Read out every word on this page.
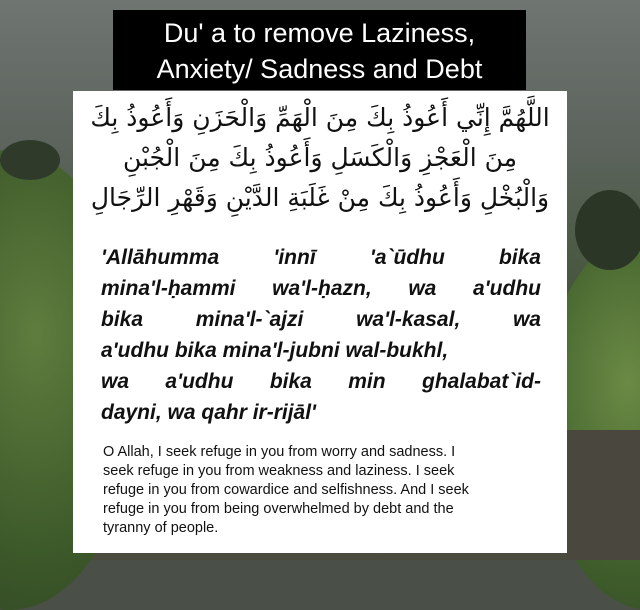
Du' a to remove Laziness,
Anxiety/ Sadness and Debt
اللَّهُمَّ إِنِّي أَعُوذُ بِكَ مِنَ الْهَمِّ وَالْحَزَنِ وَأَعُوذُ بِكَ
مِنَ الْعَجْزِ وَالْكَسَلِ وَأَعُوذُ بِكَ مِنَ الْجُبْنِ
وَالْبُخْلِ وَأَعُوذُ بِكَ مِنْ غَلَبَةِ الدَّيْنِ وَقَهْرِ الرِّجَالِ
'Allāhumma	'innī	'a`ūdhu	bika
mina'l-ḥammi wa'l-ḥazn, wa a'udhu
bika	mina'l-`ajzi	wa'l-kasal,	wa
a'udhu bika mina'l-jubni wal-bukhl,
wa a'udhu bika min ghalabat`id-
dayni, wa qahr ir-rijāl'
O Allah, I seek refuge in you from worry and sadness. I
seek refuge in you from weakness and laziness. I seek
refuge in you from cowardice and selfishness. And I seek
refuge in you from being overwhelmed by debt and the
tyranny of people.
